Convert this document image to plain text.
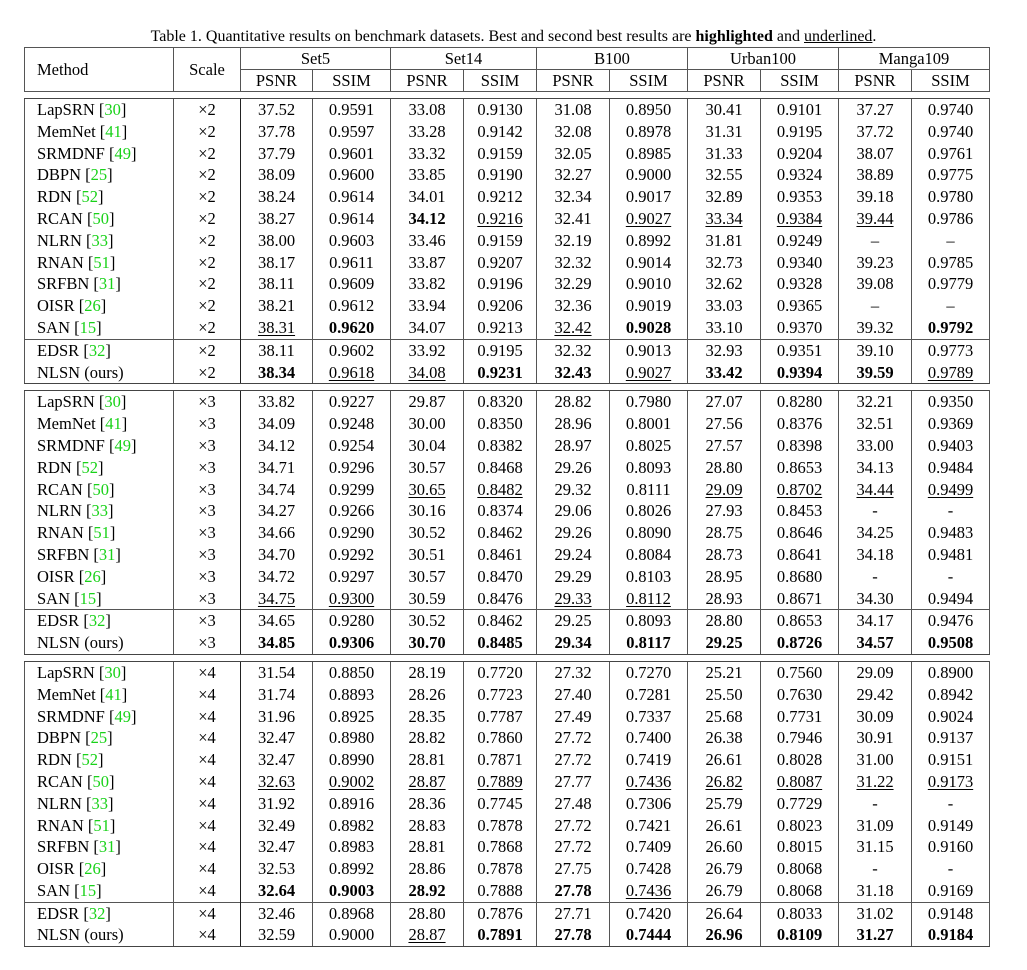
Table 1. Quantitative results on benchmark datasets. Best and second best results are highlighted and underlined.
Method	Scale	Set5		Set14		B100		Urban100		Manga109	
		PSNR	SSIM	PSNR	SSIM	PSNR	SSIM	PSNR	SSIM	PSNR	SSIM

LapSRN [30]	×2	37.52	0.9591	33.08	0.9130	31.08	0.8950	30.41	0.9101	37.27	0.9740
MemNet [41]	×2	37.78	0.9597	33.28	0.9142	32.08	0.8978	31.31	0.9195	37.72	0.9740
SRMDNF [49]	×2	37.79	0.9601	33.32	0.9159	32.05	0.8985	31.33	0.9204	38.07	0.9761
DBPN [25]	×2	38.09	0.9600	33.85	0.9190	32.27	0.9000	32.55	0.9324	38.89	0.9775
RDN [52]	×2	38.24	0.9614	34.01	0.9212	32.34	0.9017	32.89	0.9353	39.18	0.9780
RCAN [50]	×2	38.27	0.9614	34.12	0.9216	32.41	0.9027	33.34	0.9384	39.44	0.9786
NLRN [33]	×2	38.00	0.9603	33.46	0.9159	32.19	0.8992	31.81	0.9249	–	–
RNAN [51]	×2	38.17	0.9611	33.87	0.9207	32.32	0.9014	32.73	0.9340	39.23	0.9785
SRFBN [31]	×2	38.11	0.9609	33.82	0.9196	32.29	0.9010	32.62	0.9328	39.08	0.9779
OISR [26]	×2	38.21	0.9612	33.94	0.9206	32.36	0.9019	33.03	0.9365	–	–
SAN [15]	×2	38.31	0.9620	34.07	0.9213	32.42	0.9028	33.10	0.9370	39.32	0.9792
EDSR [32]	×2	38.11	0.9602	33.92	0.9195	32.32	0.9013	32.93	0.9351	39.10	0.9773
NLSN (ours)	×2	38.34	0.9618	34.08	0.9231	32.43	0.9027	33.42	0.9394	39.59	0.9789

LapSRN [30]	×3	33.82	0.9227	29.87	0.8320	28.82	0.7980	27.07	0.8280	32.21	0.9350
MemNet [41]	×3	34.09	0.9248	30.00	0.8350	28.96	0.8001	27.56	0.8376	32.51	0.9369
SRMDNF [49]	×3	34.12	0.9254	30.04	0.8382	28.97	0.8025	27.57	0.8398	33.00	0.9403
RDN [52]	×3	34.71	0.9296	30.57	0.8468	29.26	0.8093	28.80	0.8653	34.13	0.9484
RCAN [50]	×3	34.74	0.9299	30.65	0.8482	29.32	0.8111	29.09	0.8702	34.44	0.9499
NLRN [33]	×3	34.27	0.9266	30.16	0.8374	29.06	0.8026	27.93	0.8453	-	-
RNAN [51]	×3	34.66	0.9290	30.52	0.8462	29.26	0.8090	28.75	0.8646	34.25	0.9483
SRFBN [31]	×3	34.70	0.9292	30.51	0.8461	29.24	0.8084	28.73	0.8641	34.18	0.9481
OISR [26]	×3	34.72	0.9297	30.57	0.8470	29.29	0.8103	28.95	0.8680	-	-
SAN [15]	×3	34.75	0.9300	30.59	0.8476	29.33	0.8112	28.93	0.8671	34.30	0.9494
EDSR [32]	×3	34.65	0.9280	30.52	0.8462	29.25	0.8093	28.80	0.8653	34.17	0.9476
NLSN (ours)	×3	34.85	0.9306	30.70	0.8485	29.34	0.8117	29.25	0.8726	34.57	0.9508

LapSRN [30]	×4	31.54	0.8850	28.19	0.7720	27.32	0.7270	25.21	0.7560	29.09	0.8900
MemNet [41]	×4	31.74	0.8893	28.26	0.7723	27.40	0.7281	25.50	0.7630	29.42	0.8942
SRMDNF [49]	×4	31.96	0.8925	28.35	0.7787	27.49	0.7337	25.68	0.7731	30.09	0.9024
DBPN [25]	×4	32.47	0.8980	28.82	0.7860	27.72	0.7400	26.38	0.7946	30.91	0.9137
RDN [52]	×4	32.47	0.8990	28.81	0.7871	27.72	0.7419	26.61	0.8028	31.00	0.9151
RCAN [50]	×4	32.63	0.9002	28.87	0.7889	27.77	0.7436	26.82	0.8087	31.22	0.9173
NLRN [33]	×4	31.92	0.8916	28.36	0.7745	27.48	0.7306	25.79	0.7729	-	-
RNAN [51]	×4	32.49	0.8982	28.83	0.7878	27.72	0.7421	26.61	0.8023	31.09	0.9149
SRFBN [31]	×4	32.47	0.8983	28.81	0.7868	27.72	0.7409	26.60	0.8015	31.15	0.9160
OISR [26]	×4	32.53	0.8992	28.86	0.7878	27.75	0.7428	26.79	0.8068	-	-
SAN [15]	×4	32.64	0.9003	28.92	0.7888	27.78	0.7436	26.79	0.8068	31.18	0.9169
EDSR [32]	×4	32.46	0.8968	28.80	0.7876	27.71	0.7420	26.64	0.8033	31.02	0.9148
NLSN (ours)	×4	32.59	0.9000	28.87	0.7891	27.78	0.7444	26.96	0.8109	31.27	0.9184
